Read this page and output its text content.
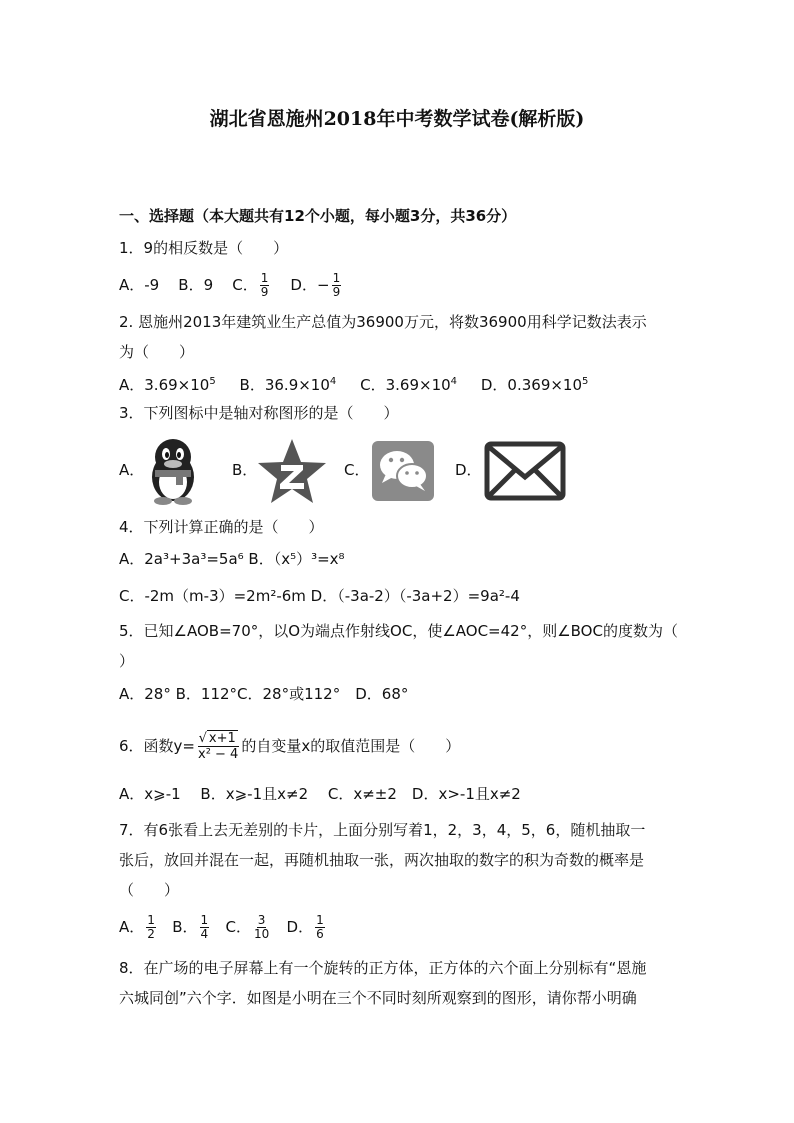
湖北省恩施州2018年中考数学试卷(解析版)
一、选择题（本大题共有12个小题，每小题3分，共36分）
1．9的相反数是（　　）
A．-9 B．9 C． $\frac{1}{9}$ D．− $\frac{1}{9}$
2. 恩施州2013年建筑业生产总值为36900万元，将数36900用科学记数法表示
为（　　）
A．$3.69\times 10^5$ B．$36.9\times 10^4$ C．$3.69\times 10^4$ D．$0.369\times 10^5$
3．下列图标中是轴对称图形的是（　　）
A．	B．	C．	D．
4．下列计算正确的是（　　）
A．2a³+3a³=5a⁶ B．（x⁵）³=x⁸
C．-2m（m-3）=2m²-6m D．（-3a-2）（-3a+2）=9a²-4
5．已知∠AOB=70°，以O为端点作射线OC，使∠AOC=42°，则∠BOC的度数为（
）
A．28° B．112°C．28°或112°　D．68°
6．函数$y= \frac{√ x+1}{\text{x² − 4}}$ 的自变量x的取值范围是（　　）
A．x⩾-1　 B．x⩾-1且x≠2　 C．x≠±2　D．x>-1且x≠2
7．有6张看上去无差别的卡片，上面分别写着1，2，3，4，5，6，随机抽取一
张后，放回并混在一起，再随机抽取一张，两次抽取的数字的积为奇数的概率是
（　　）
A． $\frac{1}{2}$ B． $\frac{1}{4}$ C． $\frac{3}{10}$ D． $\frac{1}{6}$
8．在广场的电子屏幕上有一个旋转的正方体，正方体的六个面上分别标有“恩施
六城同创”六个字．如图是小明在三个不同时刻所观察到的图形，请你帮小明确
